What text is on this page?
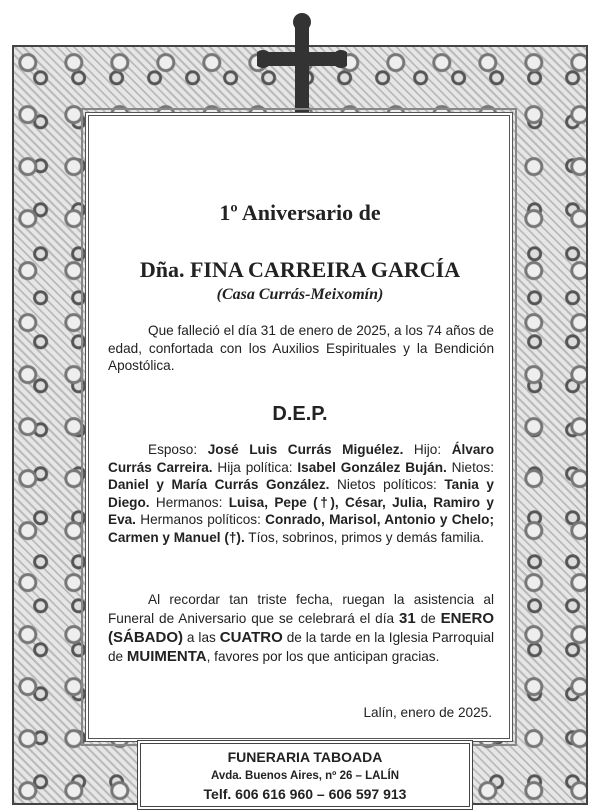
1º Aniversario de
Dña. FINA CARREIRA GARCÍA
(Casa Currás-Meixomín)
Que falleció el día 31 de enero de 2025, a los 74 años de edad, confortada con los Auxilios Espirituales y la Bendición Apostólica.
D.E.P.
Esposo: José Luis Currás Miguélez. Hijo: Álvaro Currás Carreira. Hija política: Isabel González Buján. Nietos: Daniel y María Currás González. Nietos políticos: Tania y Diego. Hermanos: Luisa, Pepe (†), César, Julia, Ramiro y Eva. Hermanos políticos: Conrado, Marisol, Antonio y Chelo; Carmen y Manuel (†). Tíos, sobrinos, primos y demás familia.
Al recordar tan triste fecha, ruegan la asistencia al Funeral de Aniversario que se celebrará el día 31 de ENERO (SÁBADO) a las CUATRO de la tarde en la Iglesia Parroquial de MUIMENTA, favores por los que anticipan gracias.
Lalín, enero de 2025.
FUNERARIA TABOADA
Avda. Buenos Aires, nº 26 – LALÍN
Telf. 606 616 960 – 606 597 913
